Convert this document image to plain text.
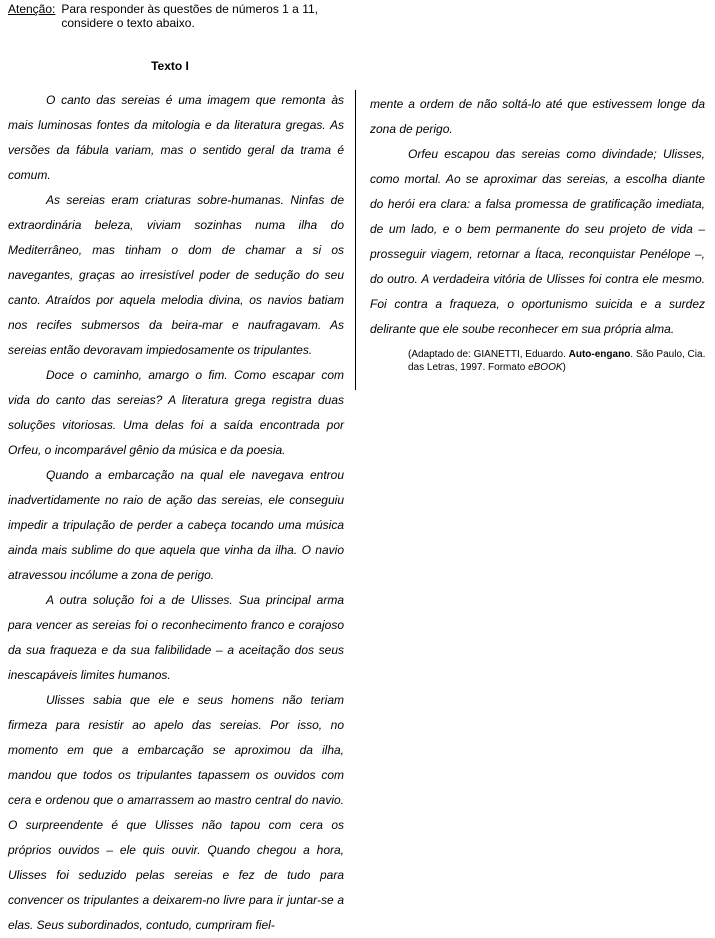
Atenção: Para responder às questões de números 1 a 11, considere o texto abaixo.
Texto I

O canto das sereias é uma imagem que remonta às mais luminosas fontes da mitologia e da literatura gregas. As versões da fábula variam, mas o sentido geral da trama é comum.

As sereias eram criaturas sobre-humanas. Ninfas de extraordinária beleza, viviam sozinhas numa ilha do Mediterrâneo, mas tinham o dom de chamar a si os navegantes, graças ao irresistível poder de sedução do seu canto. Atraídos por aquela melodia divina, os navios batiam nos recifes submersos da beira-mar e naufragavam. As sereias então devoravam impiedosamente os tripulantes.

Doce o caminho, amargo o fim. Como escapar com vida do canto das sereias? A literatura grega registra duas soluções vitoriosas. Uma delas foi a saída encontrada por Orfeu, o incomparável gênio da música e da poesia.

Quando a embarcação na qual ele navegava entrou inadvertidamente no raio de ação das sereias, ele conseguiu impedir a tripulação de perder a cabeça tocando uma música ainda mais sublime do que aquela que vinha da ilha. O navio atravessou incólume a zona de perigo.

A outra solução foi a de Ulisses. Sua principal arma para vencer as sereias foi o reconhecimento franco e corajoso da sua fraqueza e da sua falibilidade – a aceitação dos seus inescapáveis limites humanos.

Ulisses sabia que ele e seus homens não teriam firmeza para resistir ao apelo das sereias. Por isso, no momento em que a embarcação se aproximou da ilha, mandou que todos os tripulantes tapassem os ouvidos com cera e ordenou que o amarrassem ao mastro central do navio. O surpreendente é que Ulisses não tapou com cera os próprios ouvidos – ele quis ouvir. Quando chegou a hora, Ulisses foi seduzido pelas sereias e fez de tudo para convencer os tripulantes a deixarem-no livre para ir juntar-se a elas. Seus subordinados, contudo, cumpriram fiel-

mente a ordem de não soltá-lo até que estivessem longe da zona de perigo.

Orfeu escapou das sereias como divindade; Ulisses, como mortal. Ao se aproximar das sereias, a escolha diante do herói era clara: a falsa promessa de gratificação imediata, de um lado, e o bem permanente do seu projeto de vida – prosseguir viagem, retornar a Ítaca, reconquistar Penélope –, do outro. A verdadeira vitória de Ulisses foi contra ele mesmo. Foi contra a fraqueza, o oportunismo suicida e a surdez delirante que ele soube reconhecer em sua própria alma.

(Adaptado de: GIANETTI, Eduardo. Auto-engano. São Paulo, Cia. das Letras, 1997. Formato eBOOK)
